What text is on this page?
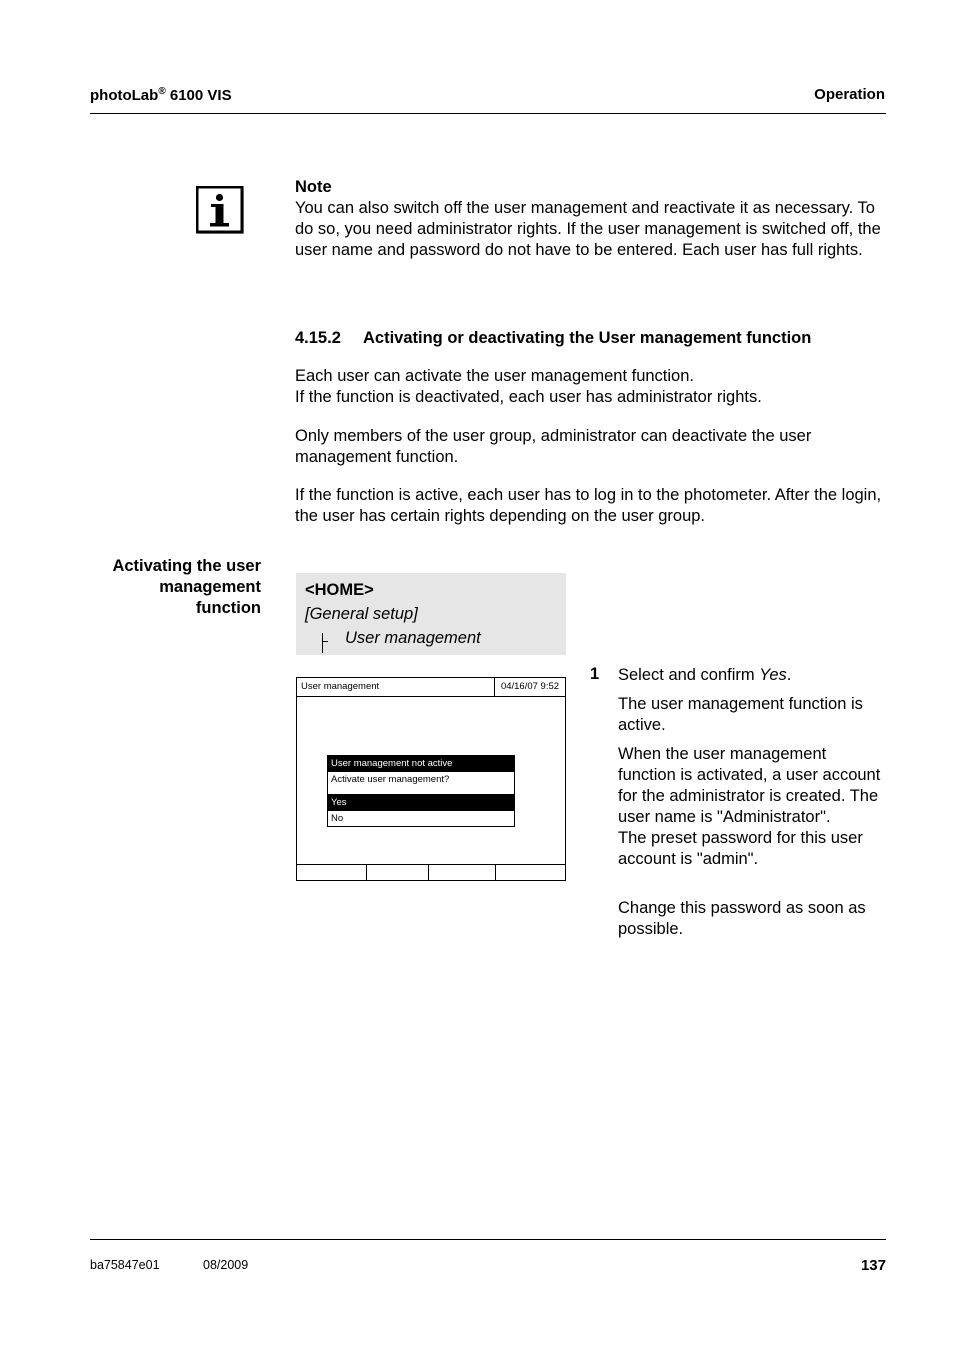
photoLab® 6100 VIS	Operation
Note
You can also switch off the user management and reactivate it as necessary. To do so, you need administrator rights. If the user management is switched off, the user name and password do not have to be entered. Each user has full rights.
4.15.2 Activating or deactivating the User management function
Each user can activate the user management function.
If the function is deactivated, each user has administrator rights.
Only members of the user group, administrator can deactivate the user management function.
If the function is active, each user has to log in to the photometer. After the login, the user has certain rights depending on the user group.
Activating the user management function
<HOME>
[General setup]
User management
User management	04/16/07 9:52
User management not active
Activate user management?
Yes
No
1 Select and confirm Yes.
The user management function is active.
When the user management function is activated, a user account for the administrator is created. The user name is "Administrator".
The preset password for this user account is "admin".
Change this password as soon as possible.
ba75847e01	08/2009	137
